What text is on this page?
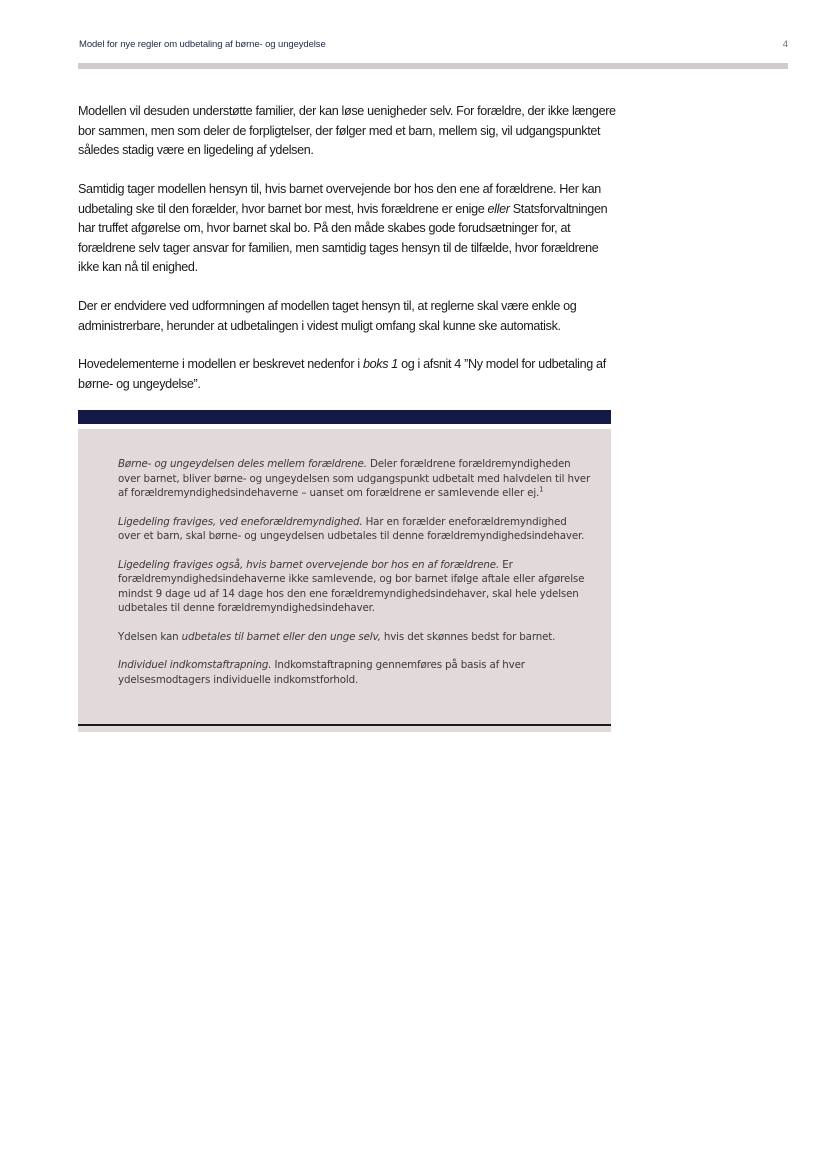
Model for nye regler om udbetaling af børne- og ungeydelse	4

Modellen vil desuden understøtte familier, der kan løse uenigheder selv. For forældre, der ikke længere bor sammen, men som deler de forpligtelser, der følger med et barn, mellem sig, vil udgangspunktet således stadig være en ligedeling af ydelsen.

Samtidig tager modellen hensyn til, hvis barnet overvejende bor hos den ene af forældrene. Her kan udbetaling ske til den forælder, hvor barnet bor mest, hvis forældrene er enige eller Statsforvaltningen har truffet afgørelse om, hvor barnet skal bo. På den måde skabes gode forudsætninger for, at forældrene selv tager ansvar for familien, men samtidig tages hensyn til de tilfælde, hvor forældrene ikke kan nå til enighed.

Der er endvidere ved udformningen af modellen taget hensyn til, at reglerne skal være enkle og administrerbare, herunder at udbetalingen i videst muligt omfang skal kunne ske automatisk.

Hovedelementerne i modellen er beskrevet nedenfor i boks 1 og i afsnit 4 ”Ny model for udbetaling af børne- og ungeydelse”.

Børne- og ungeydelsen deles mellem forældrene. Deler forældrene forældremyndigheden over barnet, bliver børne- og ungeydelsen som udgangspunkt udbetalt med halvdelen til hver af forældremyndighedsindehaverne – uanset om forældrene er samlevende eller ej.$^1$

Ligedeling fraviges, ved eneforældremyndighed. Har en forælder eneforældremyndighed over et barn, skal børne- og ungeydelsen udbetales til denne forældremyndighedsindehaver.

Ligedeling fraviges også, hvis barnet overvejende bor hos en af forældrene. Er forældremyndighedsindehaverne ikke samlevende, og bor barnet ifølge aftale eller afgørelse mindst 9 dage ud af 14 dage hos den ene forældremyndighedsindehaver, skal hele ydelsen udbetales til denne forældremyndighedsindehaver.

Ydelsen kan udbetales til barnet eller den unge selv, hvis det skønnes bedst for barnet.

Individuel indkomstaftrapning. Indkomstaftrapning gennemføres på basis af hver ydelsesmodtagers individuelle indkomstforhold.
